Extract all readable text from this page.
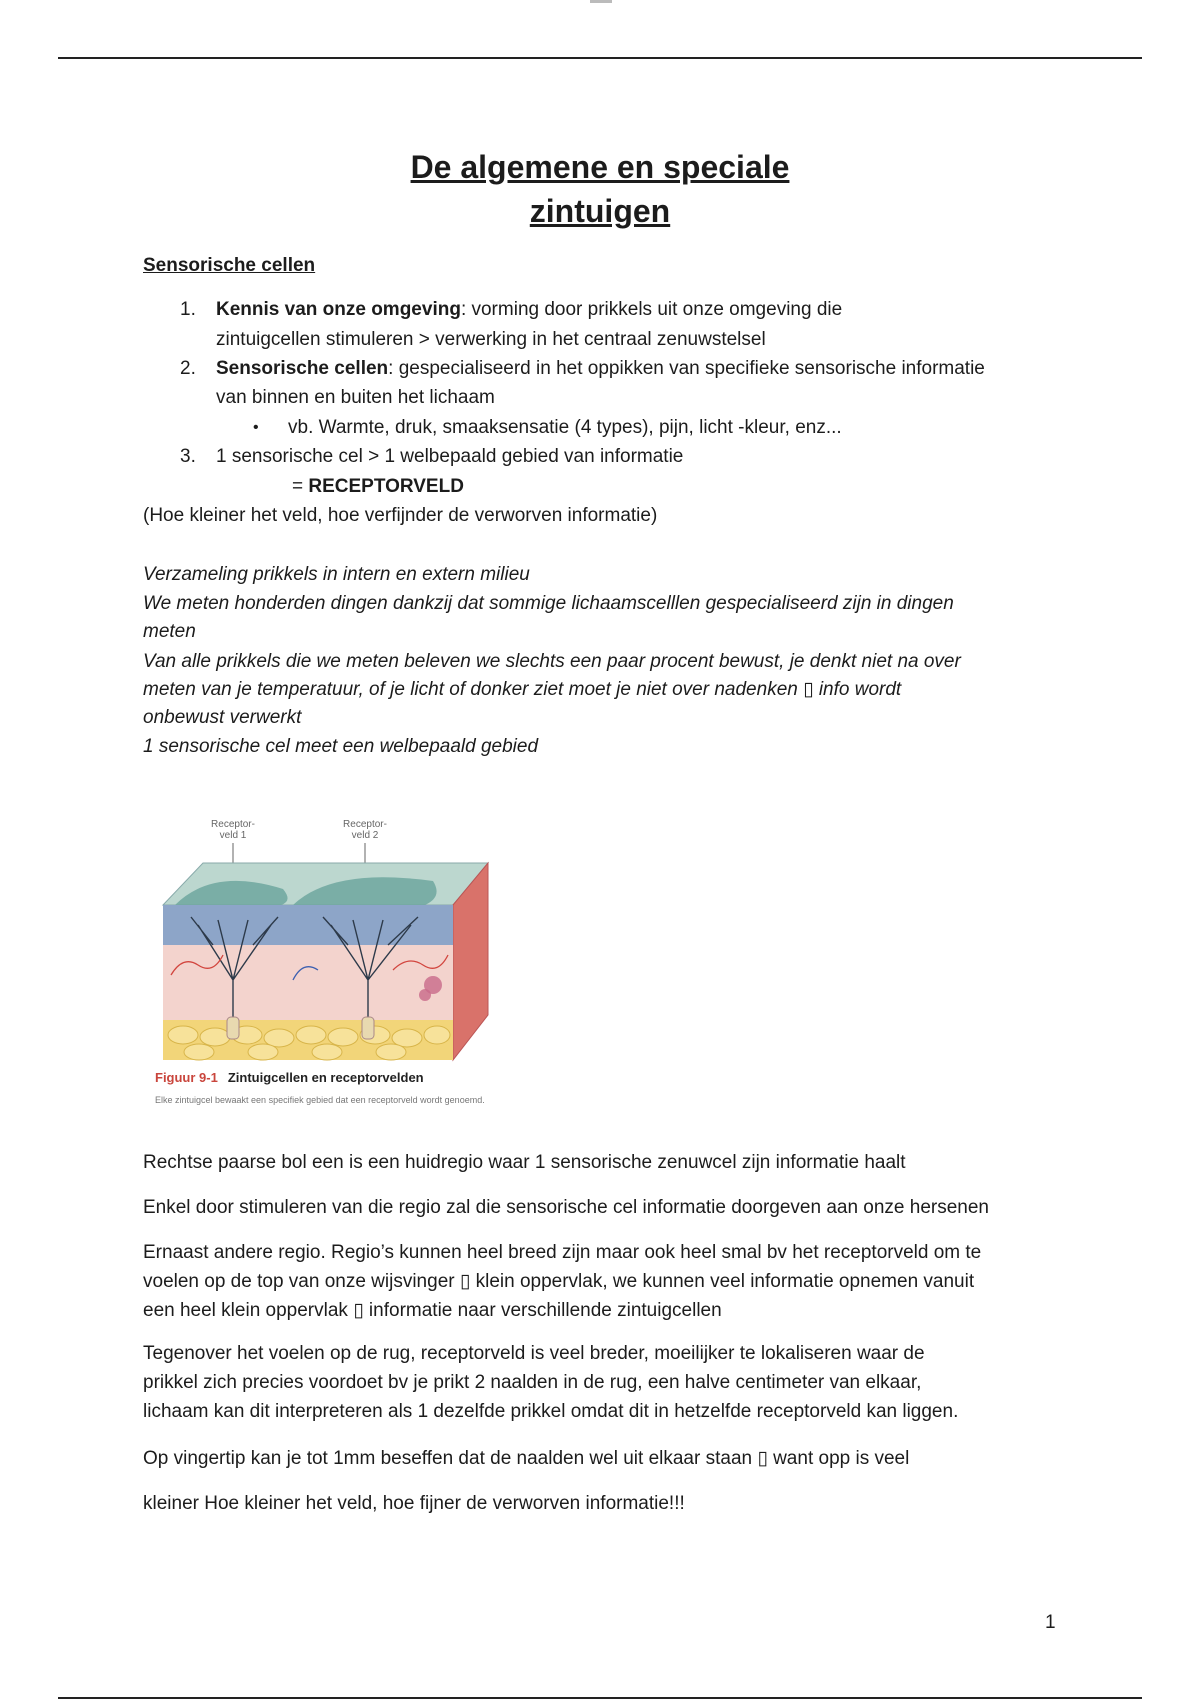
De algemene en speciale
zintuigen
Sensorische cellen
1. Kennis van onze omgeving: vorming door prikkels uit onze omgeving die
zintuigcellen stimuleren > verwerking in het centraal zenuwstelsel
2. Sensorische cellen: gespecialiseerd in het oppikken van specifieke sensorische informatie
van binnen en buiten het lichaam
• vb. Warmte, druk, smaaksensatie (4 types), pijn, licht -kleur, enz...
3. 1 sensorische cel > 1 welbepaald gebied van informatie
= RECEPTORVELD
(Hoe kleiner het veld, hoe verfijnder de verworven informatie)
Verzameling prikkels in intern en extern milieu
We meten honderden dingen dankzij dat sommige lichaamscelllen gespecialiseerd zijn in dingen
meten
Van alle prikkels die we meten beleven we slechts een paar procent bewust, je denkt niet na over
meten van je temperatuur, of je licht of donker ziet moet je niet over nadenken ▯ info wordt
onbewust verwerkt
1 sensorische cel meet een welbepaald gebied
Receptor-
veld 1
Receptor-
veld 2
Figuur 9-1 Zintuigcellen en receptorvelden
Elke zintuigcel bewaakt een specifiek gebied dat een receptorveld wordt genoemd.
Rechtse paarse bol een is een huidregio waar 1 sensorische zenuwcel zijn informatie haalt
Enkel door stimuleren van die regio zal die sensorische cel informatie doorgeven aan onze hersenen
Ernaast andere regio. Regio’s kunnen heel breed zijn maar ook heel smal bv het receptorveld om te
voelen op de top van onze wijsvinger ▯ klein oppervlak, we kunnen veel informatie opnemen vanuit
een heel klein oppervlak ▯ informatie naar verschillende zintuigcellen
Tegenover het voelen op de rug, receptorveld is veel breder, moeilijker te lokaliseren waar de
prikkel zich precies voordoet bv je prikt 2 naalden in de rug, een halve centimeter van elkaar,
lichaam kan dit interpreteren als 1 dezelfde prikkel omdat dit in hetzelfde receptorveld kan liggen.
Op vingertip kan je tot 1mm beseffen dat de naalden wel uit elkaar staan ▯ want opp is veel
kleiner Hoe kleiner het veld, hoe fijner de verworven informatie!!!
1
